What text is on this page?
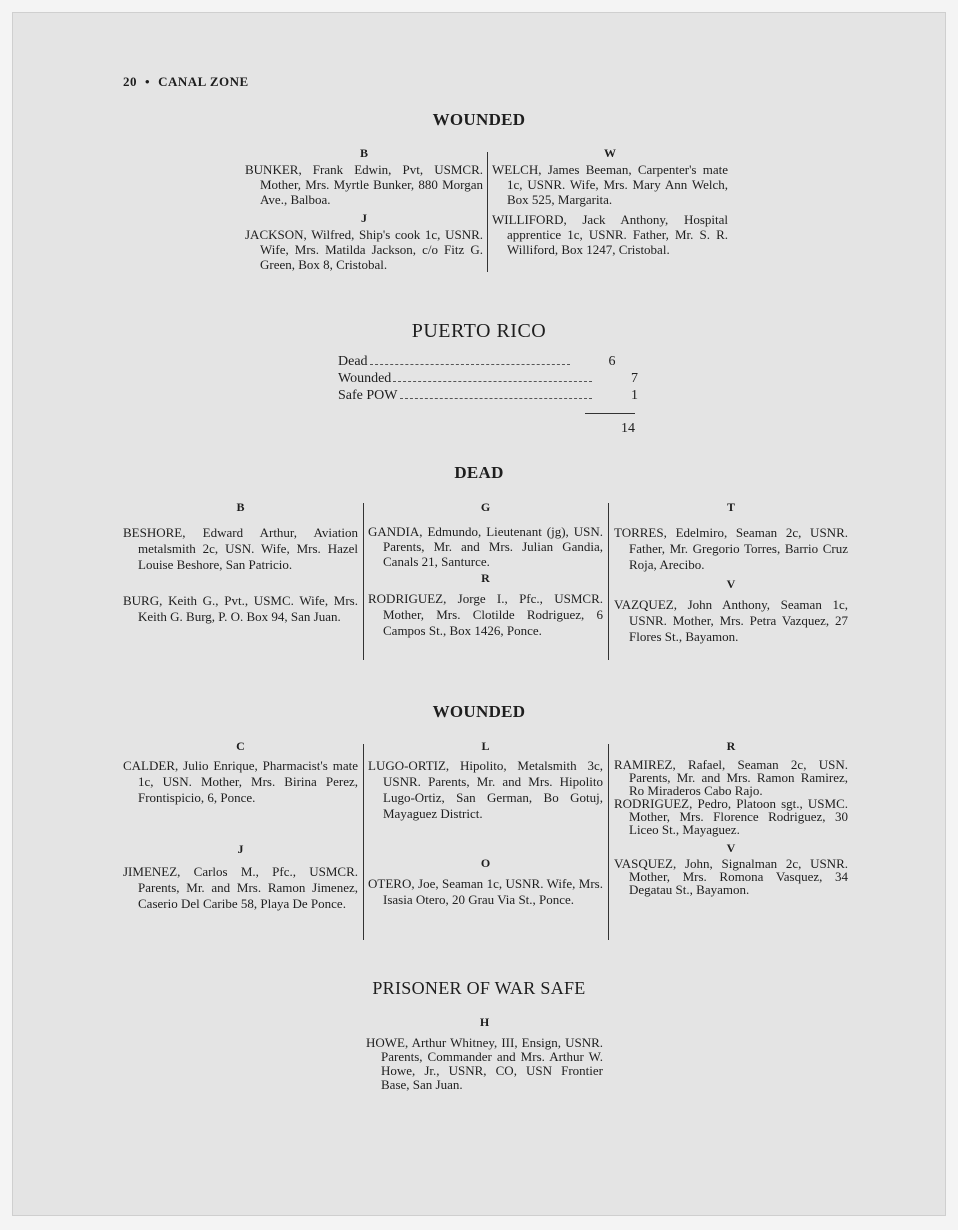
20 • CANAL ZONE
WOUNDED
B
BUNKER, Frank Edwin, Pvt, USMCR. Mother, Mrs. Myrtle Bunker, 880 Morgan Ave., Balboa.
J
JACKSON, Wilfred, Ship's cook 1c, USNR. Wife, Mrs. Matilda Jackson, c/o Fitz G. Green, Box 8, Cristobal.
W
WELCH, James Beeman, Carpenter's mate 1c, USNR. Wife, Mrs. Mary Ann Welch, Box 525, Margarita.
WILLIFORD, Jack Anthony, Hospital apprentice 1c, USNR. Father, Mr. S. R. Williford, Box 1247, Cristobal.
PUERTO RICO
Dead	6
Wounded	7
Safe POW	1
14
DEAD
B
BESHORE, Edward Arthur, Aviation metalsmith 2c, USN. Wife, Mrs. Hazel Louise Beshore, San Patricio.
BURG, Keith G., Pvt., USMC. Wife, Mrs. Keith G. Burg, P. O. Box 94, San Juan.
G
GANDIA, Edmundo, Lieutenant (jg), USN. Parents, Mr. and Mrs. Julian Gandia, Canals 21, Santurce.
R
RODRIGUEZ, Jorge I., Pfc., USMCR. Mother, Mrs. Clotilde Rodriguez, 6 Campos St., Box 1426, Ponce.
T
TORRES, Edelmiro, Seaman 2c, USNR. Father, Mr. Gregorio Torres, Barrio Cruz Roja, Arecibo.
V
VAZQUEZ, John Anthony, Seaman 1c, USNR. Mother, Mrs. Petra Vazquez, 27 Flores St., Bayamon.
WOUNDED
C
CALDER, Julio Enrique, Pharmacist's mate 1c, USN. Mother, Mrs. Birina Perez, Frontispicio, 6, Ponce.
J
JIMENEZ, Carlos M., Pfc., USMCR. Parents, Mr. and Mrs. Ramon Jimenez, Caserio Del Caribe 58, Playa De Ponce.
L
LUGO-ORTIZ, Hipolito, Metalsmith 3c, USNR. Parents, Mr. and Mrs. Hipolito Lugo-Ortiz, San German, Bo Gotuj, Mayaguez District.
O
OTERO, Joe, Seaman 1c, USNR. Wife, Mrs. Isasia Otero, 20 Grau Via St., Ponce.
R
RAMIREZ, Rafael, Seaman 2c, USN. Parents, Mr. and Mrs. Ramon Ramirez, Ro Miraderos Cabo Rajo.
RODRIGUEZ, Pedro, Platoon sgt., USMC. Mother, Mrs. Florence Rodriguez, 30 Liceo St., Mayaguez.
V
VASQUEZ, John, Signalman 2c, USNR. Mother, Mrs. Romona Vasquez, 34 Degatau St., Bayamon.
PRISONER OF WAR SAFE
H
HOWE, Arthur Whitney, III, Ensign, USNR. Parents, Commander and Mrs. Arthur W. Howe, Jr., USNR, CO, USN Frontier Base, San Juan.
